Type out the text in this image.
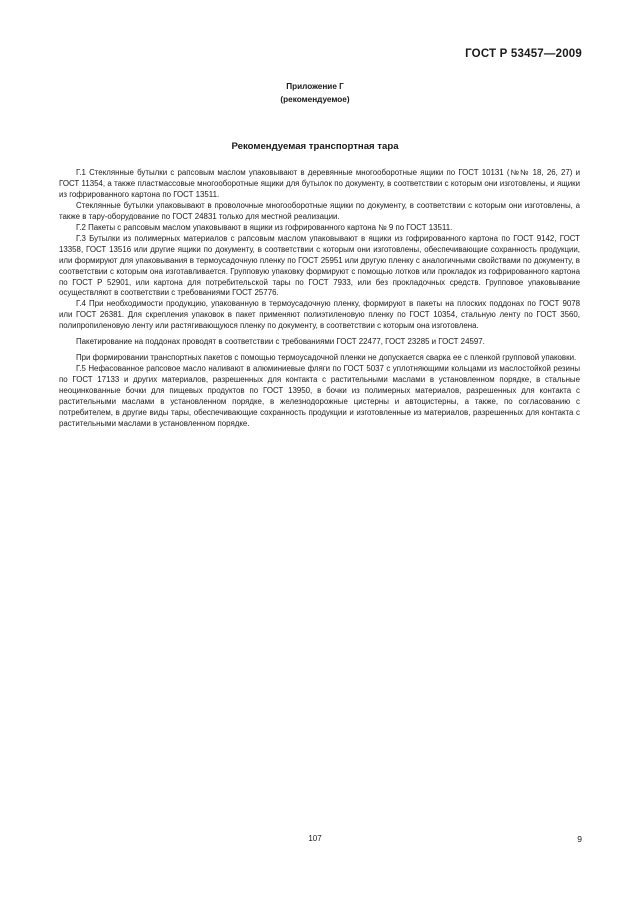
ГОСТ Р 53457—2009
Приложение Г
(рекомендуемое)
Рекомендуемая транспортная тара

Г.1 Стеклянные бутылки с рапсовым маслом упаковывают в деревянные многооборотные ящики по ГОСТ 10131 (№№ 18, 26, 27) и ГОСТ 11354, а также пластмассовые многооборотные ящики для бутылок по документу, в соответствии с которым они изготовлены, и ящики из гофрированного картона по ГОСТ 13511.

Стеклянные бутылки упаковывают в проволочные многооборотные ящики по документу, в соответствии с которым они изготовлены, а также в тару-оборудование по ГОСТ 24831 только для местной реализации.

Г.2 Пакеты с рапсовым маслом упаковывают в ящики из гофрированного картона № 9 по ГОСТ 13511.

Г.3 Бутылки из полимерных материалов с рапсовым маслом упаковывают в ящики из гофрированного картона по ГОСТ 9142, ГОСТ 13358, ГОСТ 13516 или другие ящики по документу, в соответствии с которым они изготовлены, обеспечивающие сохранность продукции, или формируют для упаковывания в термоусадочную пленку по ГОСТ 25951 или другую пленку с аналогичными свойствами по документу, в соответствии с которым она изготавливается. Групповую упаковку формируют с помощью лотков или прокладок из гофрированного картона по ГОСТ Р 52901, или картона для потребительской тары по ГОСТ 7933, или без прокладочных средств. Групповое упаковывание осуществляют в соответствии с требованиями ГОСТ 25776.

Г.4 При необходимости продукцию, упакованную в термоусадочную пленку, формируют в пакеты на плоских поддонах по ГОСТ 9078 или ГОСТ 26381. Для скрепления упаковок в пакет применяют полиэтиленовую пленку по ГОСТ 10354, стальную ленту по ГОСТ 3560, полипропиленовую ленту или растягивающуюся пленку по документу, в соответствии с которым она изготовлена.

Пакетирование на поддонах проводят в соответствии с требованиями ГОСТ 22477, ГОСТ 23285 и ГОСТ 24597.

При формировании транспортных пакетов с помощью термоусадочной пленки не допускается сварка ее с пленкой групповой упаковки.

Г.5 Нефасованное рапсовое масло наливают в алюминиевые фляги по ГОСТ 5037 с уплотняющими кольцами из маслостойкой резины по ГОСТ 17133 и других материалов, разрешенных для контакта с растительными маслами в установленном порядке, в стальные неоцинкованные бочки для пищевых продуктов по ГОСТ 13950, в бочки из полимерных материалов, разрешенных для контакта с растительными маслами в установленном порядке, в железнодорожные цистерны и автоцистерны, а также, по согласованию с потребителем, в другие виды тары, обеспечивающие сохранность продукции и изготовленные из материалов, разрешенных для контакта с растительными маслами в установленном порядке.

107	9
